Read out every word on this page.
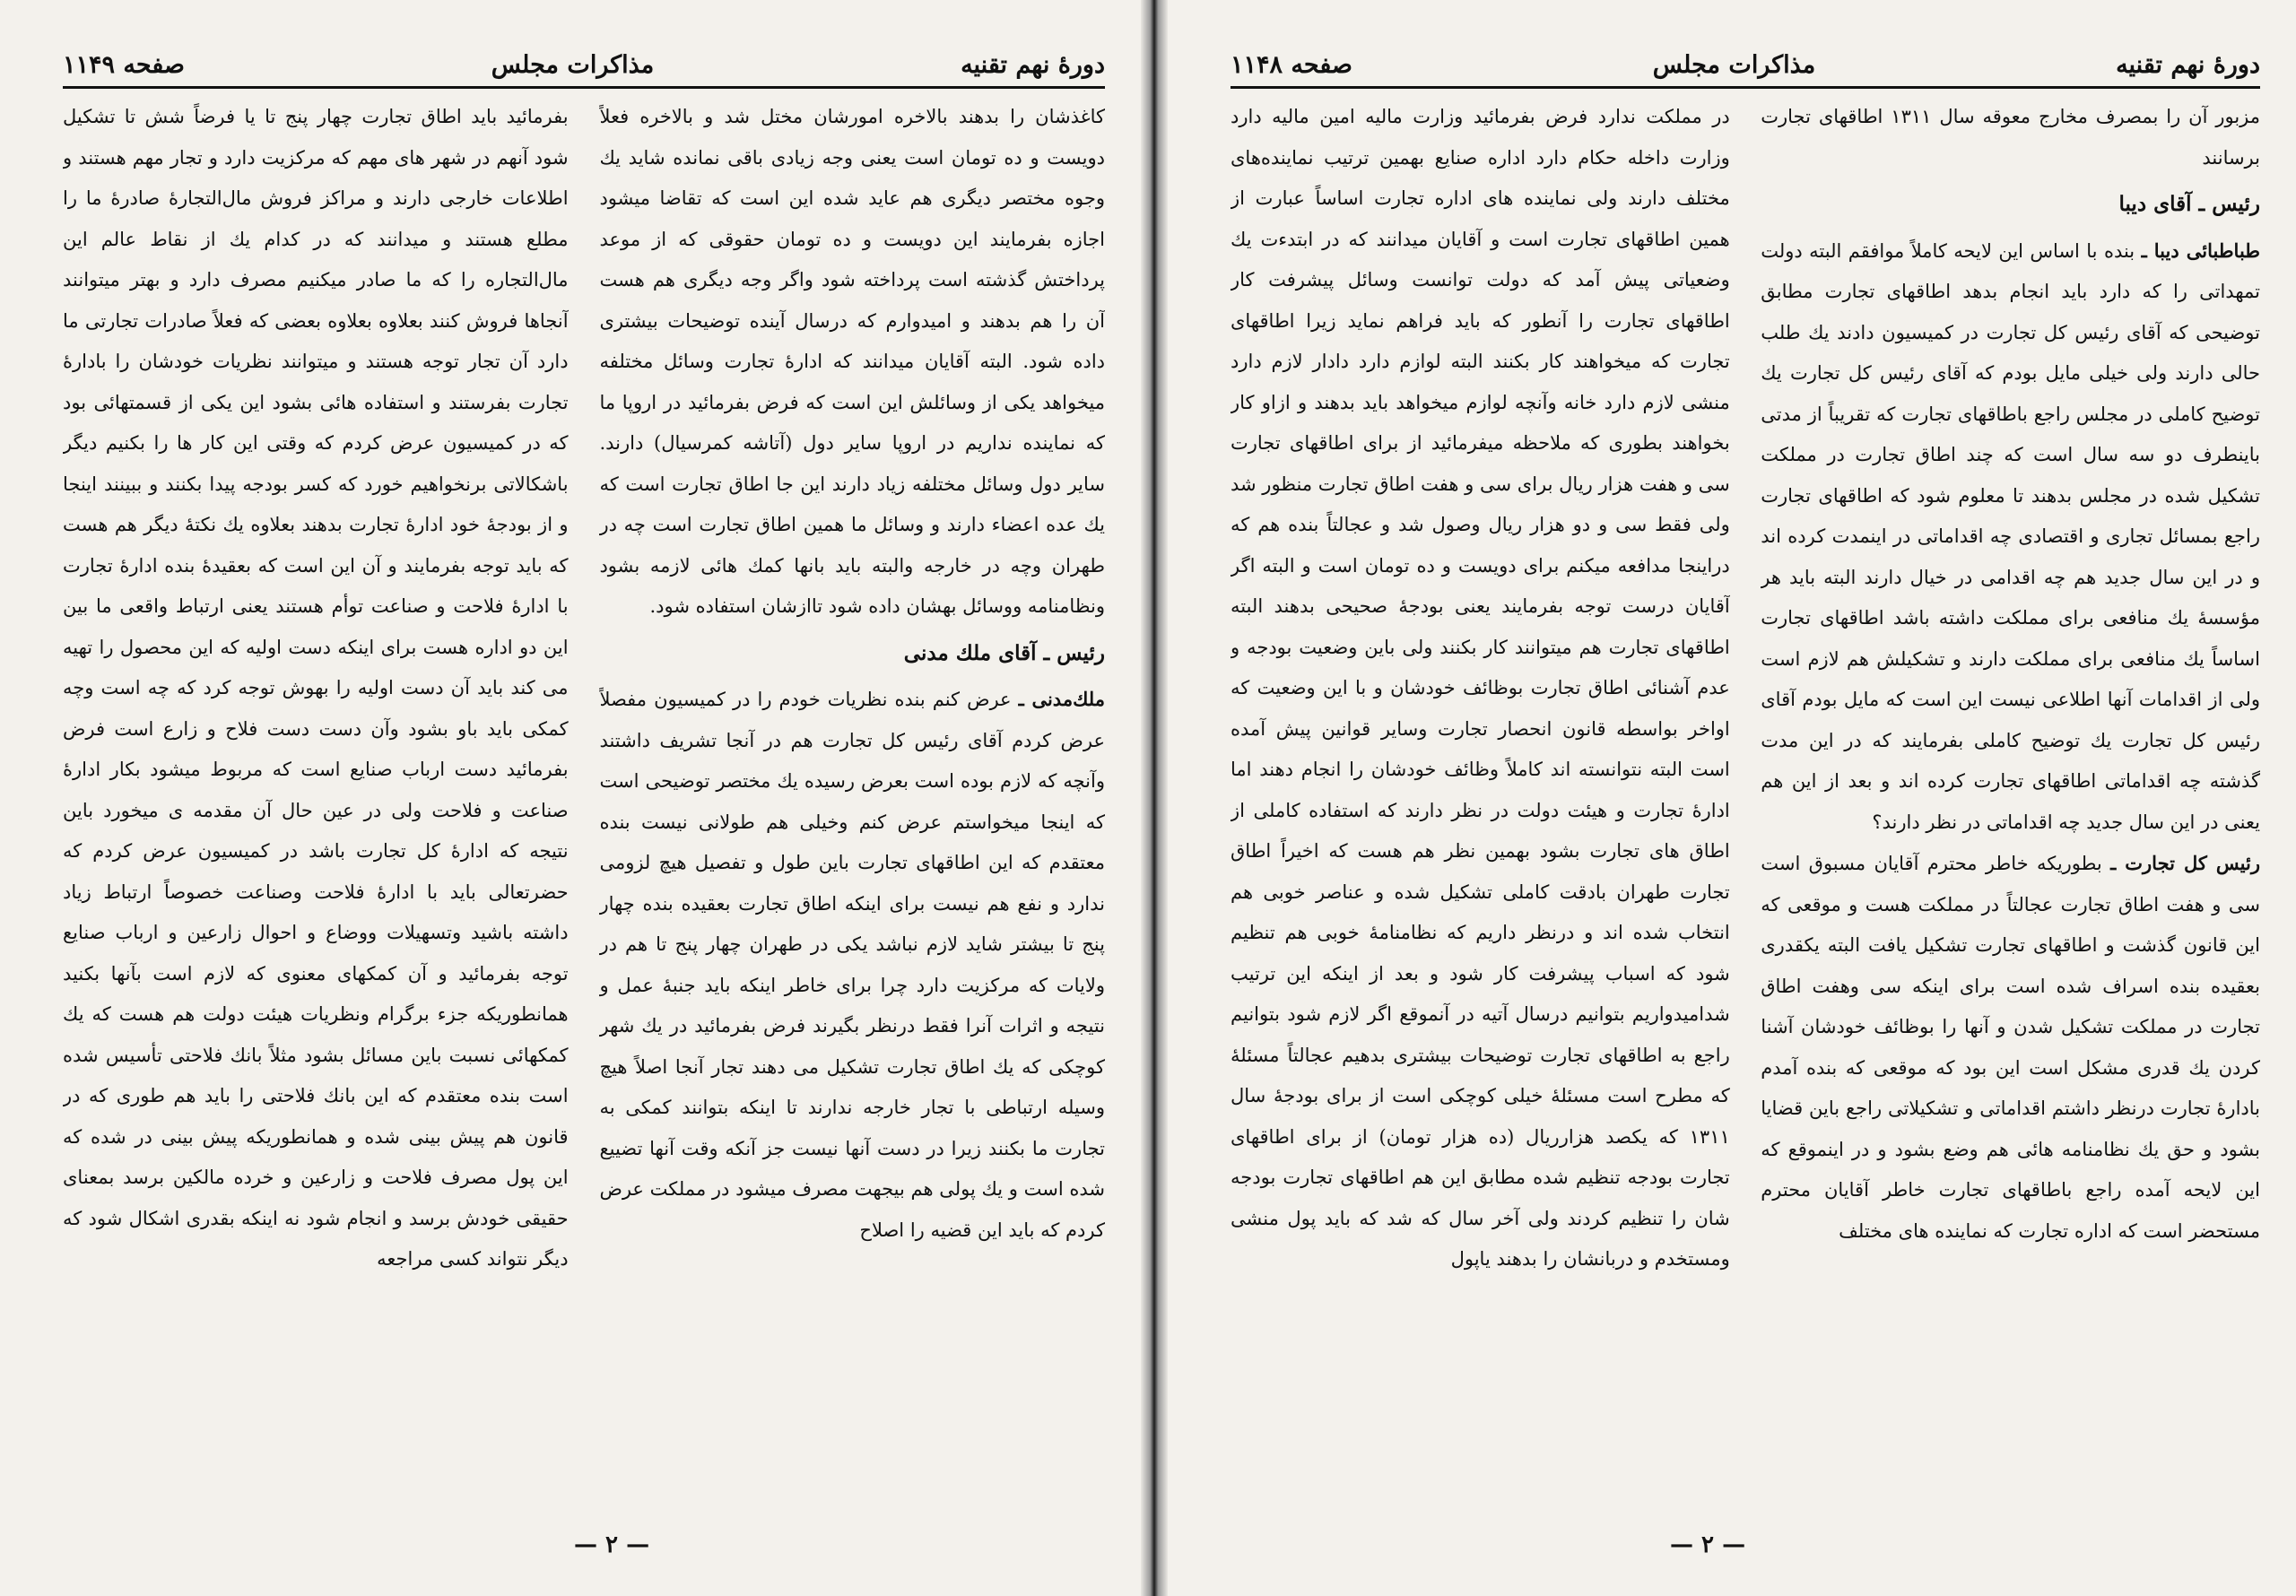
صفحه ۱۱۴۹	مذاکرات مجلس	دورۀ نهم تقنیه

كاغذشان را بدهند بالاخره امورشان مختل شد و بالاخره فعلاً دویست و ده تومان است یعنی وجه زیادی باقی نمانده شاید یك وجوه مختصر دیگری هم عاید شده این است كه تقاضا میشود اجازه بفرمایند این دویست و ده تومان حقوقی كه از موعد پرداختش گذشته است پرداخته شود واگر وجه دیگری هم هست آن را هم بدهند و امیدوارم كه درسال آینده توضیحات بیشتری داده شود. البته آقایان میدانند كه ادارۀ تجارت وسائل مختلفه میخواهد یكی از وسائلش این است كه فرض بفرمائید در اروپا ما كه نماینده نداریم در اروپا سایر دول (آتاشه كمرسیال) دارند. سایر دول وسائل مختلفه زیاد دارند این جا اطاق تجارت است كه یك عده اعضاء دارند و وسائل ما همین اطاق تجارت است چه در طهران وچه در خارجه والبته باید بانها كمك هائی لازمه بشود ونظامنامه ووسائل بهشان داده شود تاازشان استفاده شود.

رئیس ـ آقای ملك مدنی

ملك‌مدنی ـ عرض كنم بنده نظریات خودم را در كمیسیون مفصلاً عرض كردم آقای رئیس كل تجارت هم در آنجا تشریف داشتند وآنچه كه لازم بوده است بعرض رسیده یك مختصر توضیحی است كه اینجا میخواستم عرض كنم وخیلی هم طولانی نیست بنده معتقدم كه این اطاقهای تجارت باین طول و تفصیل هیچ لزومی ندارد و نفع هم نیست برای اینكه اطاق تجارت بعقیده بنده چهار پنج تا بیشتر شاید لازم نباشد یكی در طهران چهار پنج تا هم در ولایات كه مركزیت دارد چرا برای خاطر اینكه باید جنبۀ عمل و نتیجه و اثرات آنرا فقط درنظر بگیرند فرض بفرمائید در یك شهر كوچكی كه یك اطاق تجارت تشكیل می دهند تجار آنجا اصلاً هیچ وسیله ارتباطی با تجار خارجه ندارند تا اینكه بتوانند كمكی به تجارت ما بكنند زیرا در دست آنها نیست جز آنكه وقت آنها تضییع شده است و یك پولی هم بیجهت مصرف میشود در مملكت عرض كردم كه باید این قضیه را اصلاح

بفرمائید باید اطاق تجارت چهار پنج تا یا فرضاً شش تا تشكیل شود آنهم در شهر های مهم كه مركزیت دارد و تجار مهم هستند و اطلاعات خارجی دارند و مراكز فروش مال‌التجارۀ صادرۀ ما را مطلع هستند و میدانند كه در كدام یك از نقاط عالم این مال‌التجاره را كه ما صادر میكنیم مصرف دارد و بهتر میتوانند آنجاها فروش كنند بعلاوه بعلاوه بعضی كه فعلاً صادرات تجارتی ما دارد آن تجار توجه هستند و میتوانند نظریات خودشان را بادارۀ تجارت بفرستند و استفاده هائی بشود این یكی از قسمتهائی بود كه در كمیسیون عرض كردم كه وقتی این كار ها را بكنیم دیگر باشكالاتی برنخواهیم خورد كه كسر بودجه پیدا بكنند و ببینند اینجا و از بودجۀ خود ادارۀ تجارت بدهند بعلاوه یك نكتۀ دیگر هم هست كه باید توجه بفرمایند و آن این است كه بعقیدۀ بنده ادارۀ تجارت با ادارۀ فلاحت و صناعت توأم هستند یعنی ارتباط واقعی ما بین این دو اداره هست برای اینكه دست اولیه كه این محصول را تهیه می كند باید آن دست اولیه را بهوش توجه كرد كه چه است وچه كمكی باید باو بشود وآن دست دست فلاح و زارع است فرض بفرمائید دست ارباب صنایع است كه مربوط میشود بكار ادارۀ صناعت و فلاحت ولی در عین حال آن مقدمه ی میخورد باین نتیجه كه ادارۀ كل تجارت باشد در كمیسیون عرض كردم كه حضرتعالی باید با ادارۀ فلاحت وصناعت خصوصاً ارتباط زیاد داشته باشید وتسهیلات ووضاع و احوال زارعین و ارباب صنایع توجه بفرمائید و آن كمكهای معنوی كه لازم است بآنها بكنید همانطوریكه جزء برگرام ونظریات هیئت دولت هم هست كه یك كمكهائی نسبت باین مسائل بشود مثلاً بانك فلاحتی تأسیس شده است بنده معتقدم كه این بانك فلاحتی را باید هم طوری كه در قانون هم پیش بینی شده و همانطوریكه پیش بینی در شده كه این پول مصرف فلاحت و زارعین و خرده مالكین برسد بمعنای حقیقی خودش برسد و انجام شود نه اینكه بقدری اشكال شود كه دیگر نتواند كسی مراجعه

— ۲ —
صفحه ۱۱۴۸	مذاکرات مجلس	دورۀ نهم تقنیه

مزبور آن را بمصرف مخارج معوقه سال ۱۳۱۱ اطاقهای تجارت برسانند

رئیس ـ آقای دیبا

طباطبائی دیبا ـ بنده با اساس این لایحه كاملاً موافقم البته دولت تمهداتی را كه دارد باید انجام بدهد اطاقهای تجارت مطابق توضیحی كه آقای رئیس كل تجارت در كمیسیون دادند یك طلب حالی دارند ولی خیلی مایل بودم كه آقای رئیس كل تجارت یك توضیح كاملی در مجلس راجع باطاقهای تجارت كه تقریباً از مدتی باینطرف دو سه سال است كه چند اطاق تجارت در مملكت تشكیل شده در مجلس بدهند تا معلوم شود كه اطاقهای تجارت راجع بمسائل تجاری و اقتصادی چه اقداماتی در اینمدت كرده اند و در این سال جدید هم چه اقدامی در خیال دارند البته باید هر مؤسسۀ یك منافعی برای مملكت داشته باشد اطاقهای تجارت اساساً یك منافعی برای مملكت دارند و تشكیلش هم لازم است ولی از اقدامات آنها اطلاعی نیست این است كه مایل بودم آقای رئیس كل تجارت یك توضیح كاملی بفرمایند كه در این مدت گذشته چه اقداماتی اطاقهای تجارت كرده اند و بعد از این هم یعنی در این سال جدید چه اقداماتی در نظر دارند؟

رئیس كل تجارت ـ بطوریكه خاطر محترم آقایان مسبوق است سی و هفت اطاق تجارت عجالتاً در مملكت هست و موقعی كه این قانون گذشت و اطاقهای تجارت تشكیل یافت البته یكقدری بعقیده بنده اسراف شده است برای اینكه سی وهفت اطاق تجارت در مملكت تشكیل شدن و آنها را بوظائف خودشان آشنا كردن یك قدری مشكل است این بود كه موقعی كه بنده آمدم بادارۀ تجارت درنظر داشتم اقداماتی و تشكیلاتی راجع باین قضایا بشود و حق یك نظامنامه هائی هم وضع بشود و در اینموقع كه این لایحه آمده راجع باطاقهای تجارت خاطر آقایان محترم مستحضر است كه اداره تجارت كه نماینده های مختلف

در مملكت ندارد فرض بفرمائید وزارت مالیه امین مالیه دارد وزارت داخله حكام دارد اداره صنایع بهمین ترتیب نماینده‌های مختلف دارند ولی نماینده های اداره تجارت اساساً عبارت از همین اطاقهای تجارت است و آقایان میدانند كه در ابتدءت یك وضعیاتی پیش آمد كه دولت توانست وسائل پیشرفت كار اطاقهای تجارت را آنطور كه باید فراهم نماید زیرا اطاقهای تجارت كه میخواهند كار بكنند البته لوازم دارد دادار لازم دارد منشی لازم دارد خانه وآنچه لوازم میخواهد باید بدهند و ازاو كار بخواهند بطوری كه ملاحظه میفرمائید از برای اطاقهای تجارت سی و هفت هزار ریال برای سی و هفت اطاق تجارت منظور شد ولی فقط سی و دو هزار ریال وصول شد و عجالتاً بنده هم كه دراینجا مدافعه میكنم برای دویست و ده تومان است و البته اگر آقایان درست توجه بفرمایند یعنی بودجۀ صحیحی بدهند البته اطاقهای تجارت هم میتوانند كار بكنند ولی باین وضعیت بودجه و عدم آشنائی اطاق تجارت بوظائف خودشان و با این وضعیت كه اواخر بواسطه قانون انحصار تجارت وسایر قوانین پیش آمده است البته نتوانسته اند كاملاً وظائف خودشان را انجام دهند اما ادارۀ تجارت و هیئت دولت در نظر دارند كه استفاده كاملی از اطاق های تجارت بشود بهمین نظر هم هست كه اخیراً اطاق تجارت طهران بادقت كاملی تشكیل شده و عناصر خوبی هم انتخاب شده اند و درنظر داریم كه نظامنامۀ خوبی هم تنظیم شود كه اسباب پیشرفت كار شود و بعد از اینكه این ترتیب شدامیدواریم بتوانیم درسال آتیه در آنموقع اگر لازم شود بتوانیم راجع به اطاقهای تجارت توضیحات بیشتری بدهیم عجالتاً مسئلۀ كه مطرح است مسئلۀ خیلی كوچكی است از برای بودجۀ سال ۱۳۱۱ كه یكصد هزارریال (ده هزار تومان) از برای اطاقهای تجارت بودجه تنظیم شده مطابق این هم اطاقهای تجارت بودجه شان را تنظیم كردند ولی آخر سال كه شد كه باید پول منشی ومستخدم و دربانشان را بدهند یاپول

— ۲ —
